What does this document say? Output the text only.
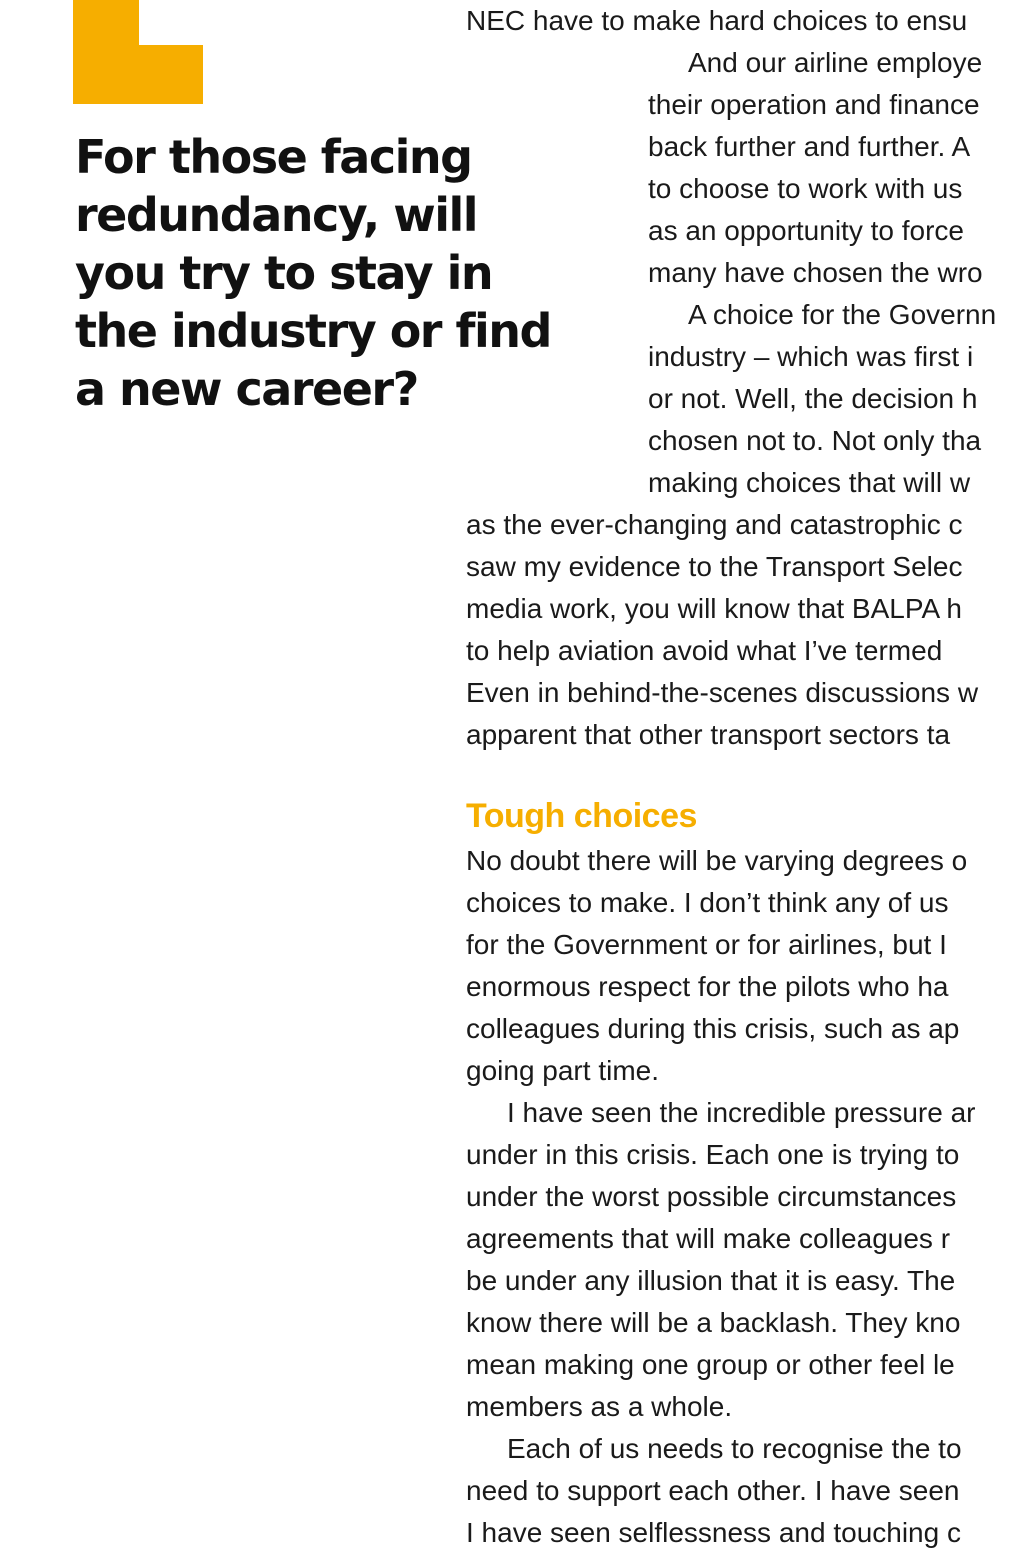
For those facing
redundancy, will
you try to stay in
the industry or find
a new career?
NEC have to make hard choices to ensu
And our airline employe
their operation and finance
back further and further. A
to choose to work with us
as an opportunity to force
many have chosen the wro
A choice for the Governn
industry – which was first i
or not. Well, the decision h
chosen not to. Not only tha
making choices that will w
as the ever-changing and catastrophic c
saw my evidence to the Transport Selec
media work, you will know that BALPA h
to help aviation avoid what I’ve termed
Even in behind-the-scenes discussions w
apparent that other transport sectors ta
Tough choices
No doubt there will be varying degrees o
choices to make. I don’t think any of us
for the Government or for airlines, but I
enormous respect for the pilots who ha
colleagues during this crisis, such as ap
going part time.
I have seen the incredible pressure ar
under in this crisis. Each one is trying to
under the worst possible circumstances
agreements that will make colleagues r
be under any illusion that it is easy. The
know there will be a backlash. They kno
mean making one group or other feel le
members as a whole.
Each of us needs to recognise the to
need to support each other. I have seen
I have seen selflessness and touching c
